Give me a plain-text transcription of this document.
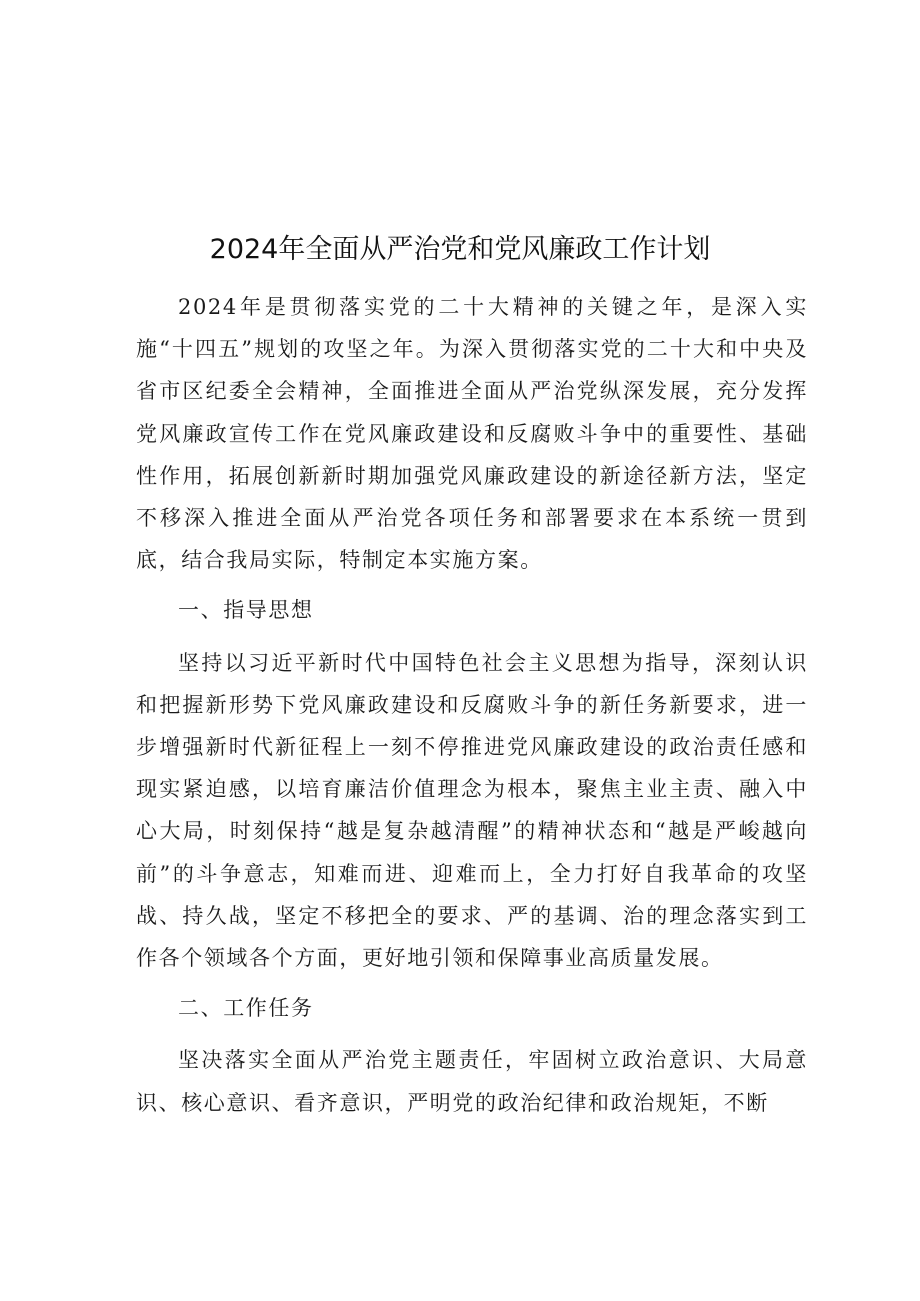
2024年全面从严治党和党风廉政工作计划

2024年是贯彻落实党的二十大精神的关键之年，是深入实施“十四五”规划的攻坚之年。为深入贯彻落实党的二十大和中央及省市区纪委全会精神，全面推进全面从严治党纵深发展，充分发挥党风廉政宣传工作在党风廉政建设和反腐败斗争中的重要性、基础性作用，拓展创新新时期加强党风廉政建设的新途径新方法，坚定不移深入推进全面从严治党各项任务和部署要求在本系统一贯到底，结合我局实际，特制定本实施方案。

一、指导思想

坚持以习近平新时代中国特色社会主义思想为指导，深刻认识和把握新形势下党风廉政建设和反腐败斗争的新任务新要求，进一步增强新时代新征程上一刻不停推进党风廉政建设的政治责任感和现实紧迫感，以培育廉洁价值理念为根本，聚焦主业主责、融入中心大局，时刻保持“越是复杂越清醒”的精神状态和“越是严峻越向前”的斗争意志，知难而进、迎难而上，全力打好自我革命的攻坚战、持久战，坚定不移把全的要求、严的基调、治的理念落实到工作各个领域各个方面，更好地引领和保障事业高质量发展。

二、工作任务

坚决落实全面从严治党主题责任，牢固树立政治意识、大局意识、核心意识、看齐意识，严明党的政治纪律和政治规矩，不断
